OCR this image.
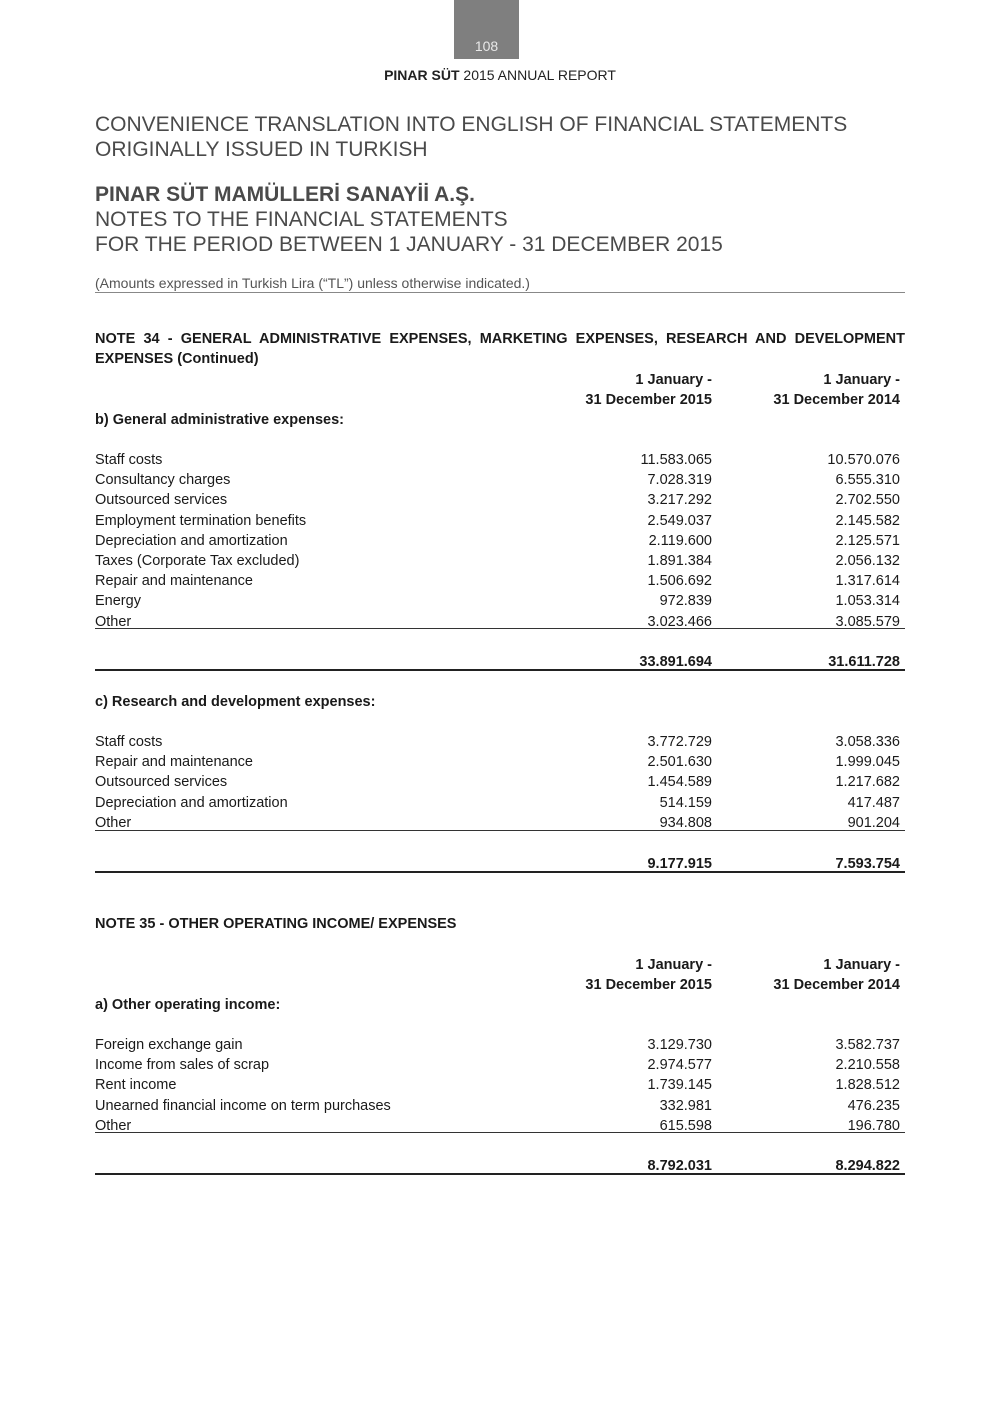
108
PINAR SÜT 2015 ANNUAL REPORT
CONVENIENCE TRANSLATION INTO ENGLISH OF FINANCIAL STATEMENTS
ORIGINALLY ISSUED IN TURKISH
PINAR SÜT MAMÜLLERİ SANAYİİ A.Ş.
NOTES TO THE FINANCIAL STATEMENTS
FOR THE PERIOD BETWEEN 1 JANUARY - 31 DECEMBER 2015
(Amounts expressed in Turkish Lira (“TL”) unless otherwise indicated.)
NOTE 34 - GENERAL ADMINISTRATIVE EXPENSES, MARKETING EXPENSES, RESEARCH AND DEVELOPMENT EXPENSES (Continued)
1 January -	1 January -
31 December 2015	31 December 2014
b) General administrative expenses:
Staff costs	11.583.065	10.570.076
Consultancy charges	7.028.319	6.555.310
Outsourced services	3.217.292	2.702.550
Employment termination benefits	2.549.037	2.145.582
Depreciation and amortization	2.119.600	2.125.571
Taxes (Corporate Tax excluded)	1.891.384	2.056.132
Repair and maintenance	1.506.692	1.317.614
Energy	972.839	1.053.314
Other	3.023.466	3.085.579
33.891.694	31.611.728
c) Research and development expenses:
Staff costs	3.772.729	3.058.336
Repair and maintenance	2.501.630	1.999.045
Outsourced services	1.454.589	1.217.682
Depreciation and amortization	514.159	417.487
Other	934.808	901.204
9.177.915	7.593.754
NOTE 35 - OTHER OPERATING INCOME/ EXPENSES
1 January -	1 January -
31 December 2015	31 December 2014
a) Other operating income:
Foreign exchange gain	3.129.730	3.582.737
Income from sales of scrap	2.974.577	2.210.558
Rent income	1.739.145	1.828.512
Unearned financial income on term purchases	332.981	476.235
Other	615.598	196.780
8.792.031	8.294.822
